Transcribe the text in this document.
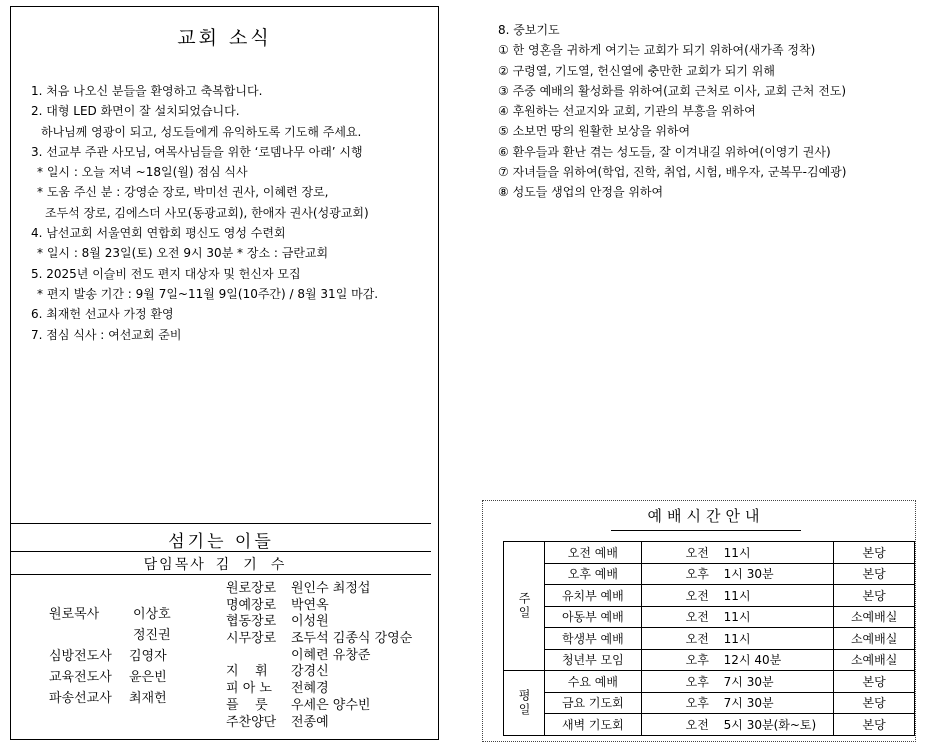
교회 소식
1. 처음 나오신 분들을 환영하고 축복합니다.
2. 대형 LED 화면이 잘 설치되었습니다.
하나님께 영광이 되고, 성도들에게 유익하도록 기도해 주세요.
3. 선교부 주관 사모님, 여목사님들을 위한 ‘로뎀나무 아래’ 시행
* 일시 : 오늘 저녁 ~18일(월) 점심 식사
* 도움 주신 분 : 강영순 장로, 박미선 권사, 이혜련 장로,
조두석 장로, 김에스더 사모(동광교회), 한애자 권사(성광교회)
4. 남선교회 서울연회 연합회 평신도 영성 수련회
* 일시 : 8월 23일(토) 오전 9시 30분 * 장소 : 금란교회
5. 2025년 이슬비 전도 편지 대상자 및 헌신자 모집
* 편지 발송 기간 : 9월 7일~11월 9일(10주간) / 8월 31일 마감.
6. 최재헌 선교사 가정 환영
7. 점심 식사 : 여선교회 준비
섬기는 이들
담임목사 김기수
원로목사	이상호
정진권
심방전도사 김영자
교육전도사 윤은빈
파송선교사 최재헌
원로장로 원인수 최정섭
명예장로 박연옥
협동장로 이성원
시무장로 조두석 김종식 강영순
이혜련 유창준
지    휘 강경신
피 아 노 전혜경
플    룻 우세은 양수빈
주찬양단 전종예
8. 중보기도
① 한 영혼을 귀하게 여기는 교회가 되기 위하여(새가족 정착)
② 구령열, 기도열, 헌신열에 충만한 교회가 되기 위해
③ 주중 예배의 활성화를 위하여(교회 근처로 이사, 교회 근처 전도)
④ 후원하는 선교지와 교회, 기관의 부흥을 위하여
⑤ 소보먼 땅의 원활한 보상을 위하여
⑥ 환우들과 환난 겪는 성도들, 잘 이겨내길 위하여(이영기 권사)
⑦ 자녀들을 위하여(학업, 진학, 취업, 시험, 배우자, 군복무-김예광)
⑧ 성도들 생업의 안정을 위하여
예배시간안내
주일	오전 예배	오전 11시	본당
	오후 예배	오후 1시 30분	본당
	유치부 예배	오전 11시	본당
	아동부 예배	오전 11시	소예배실
	학생부 예배	오전 11시	소예배실
	청년부 모임	오후 12시 40분	소예배실
평일	수요 예배	오후 7시 30분	본당
	금요 기도회	오후 7시 30분	본당
	새벽 기도회	오전 5시 30분(화~토)	본당
